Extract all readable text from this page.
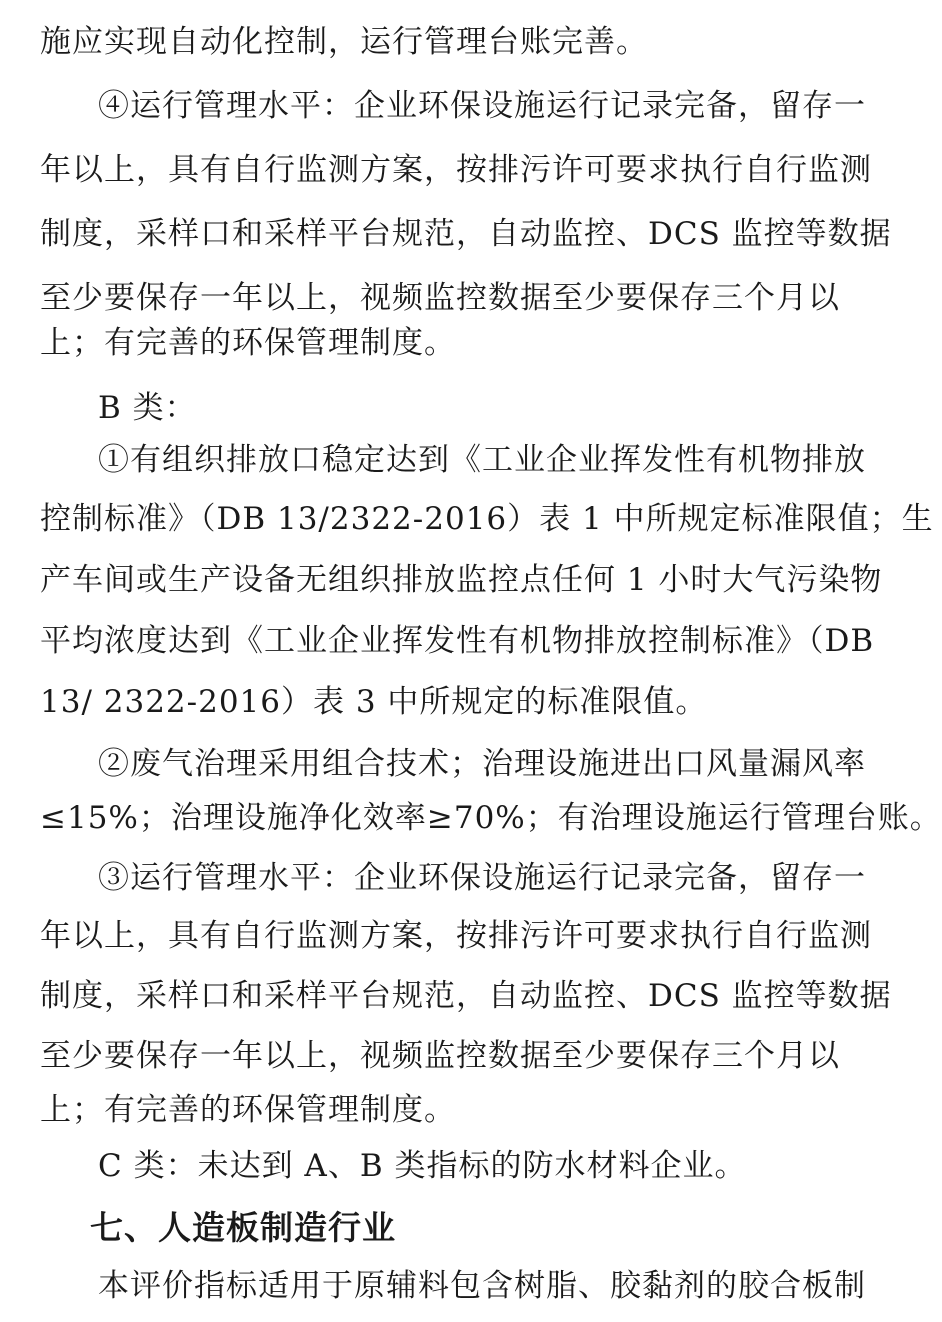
施应实现自动化控制，运行管理台账完善。
④运行管理水平：企业环保设施运行记录完备，留存一
年以上，具有自行监测方案，按排污许可要求执行自行监测
制度，采样口和采样平台规范，自动监控、DCS 监控等数据
至少要保存一年以上，视频监控数据至少要保存三个月以
上；有完善的环保管理制度。
B 类：
①有组织排放口稳定达到《工业企业挥发性有机物排放
控制标准》（DB 13/2322-2016）表 1 中所规定标准限值；生
产车间或生产设备无组织排放监控点任何 1 小时大气污染物
平均浓度达到《工业企业挥发性有机物排放控制标准》（DB
13/ 2322-2016）表 3 中所规定的标准限值。
②废气治理采用组合技术；治理设施进出口风量漏风率
≤15%；治理设施净化效率≥70%；有治理设施运行管理台账。
③运行管理水平：企业环保设施运行记录完备，留存一
年以上，具有自行监测方案，按排污许可要求执行自行监测
制度，采样口和采样平台规范，自动监控、DCS 监控等数据
至少要保存一年以上，视频监控数据至少要保存三个月以
上；有完善的环保管理制度。
C 类：未达到 A、B 类指标的防水材料企业。
七、人造板制造行业
本评价指标适用于原辅料包含树脂、胶黏剂的胶合板制
